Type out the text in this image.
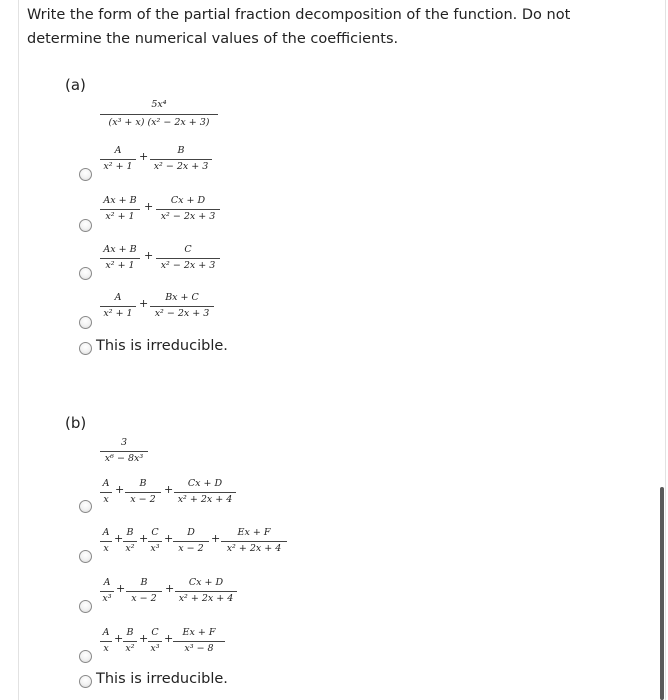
Write the form of the partial fraction decomposition of the function. Do not determine the numerical values of the coefficients.
(a)
5x⁴
(x³ + x) (x² − 2x + 3)
A
x² + 1
+	B
x² − 2x + 3
Ax + B
x² + 1
+	Cx + D
x² − 2x + 3
Ax + B
x² + 1
+	C
x² − 2x + 3
A
x² + 1
+	Bx + C
x² − 2x + 3
This is irreducible.
(b)
3
x⁶ − 8x³
A
x
+	B
x − 2
+	Cx + D
x² + 2x + 4
A
x
+ B
x²
+ C
x³
+	D
x − 2
+	Ex + F
x² + 2x + 4
A
x³
+	B
x − 2
+	Cx + D
x² + 2x + 4
A
x
+ B
x²
+ C
x³
+ Ex + F
x³ − 8
This is irreducible.
